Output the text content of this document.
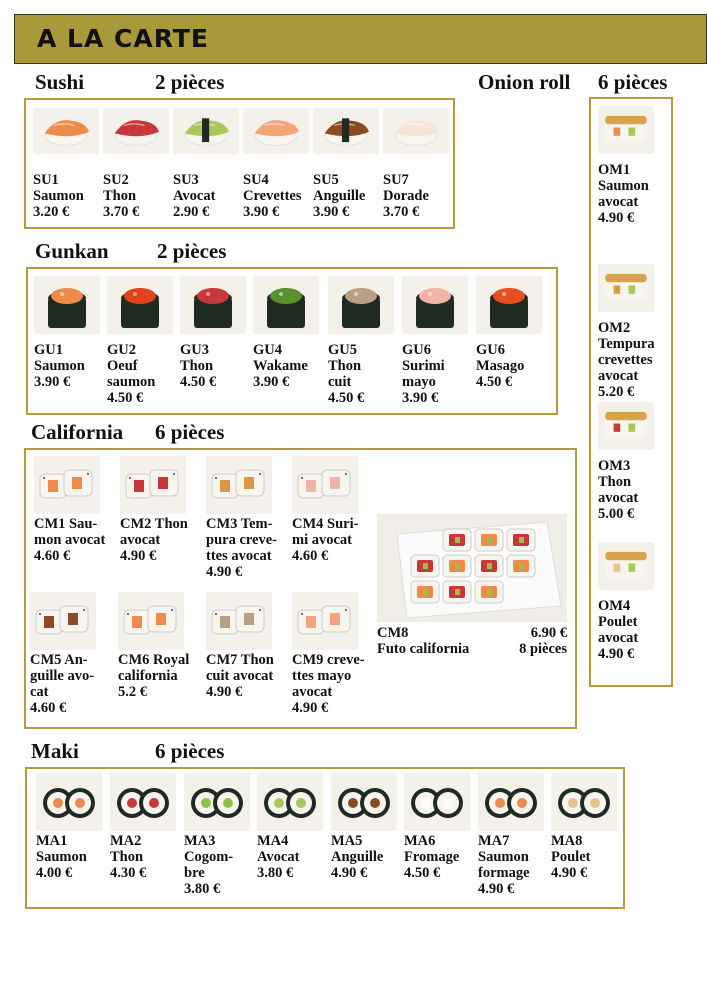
A LA CARTE
Sushi	2 pièces	Onion roll 6 pièces
Gunkan 2 pièces
California 6 pièces
Maki	6 pièces
SU1
Saumon
3.20 €
SU2
Thon
3.70 €
SU3
Avocat
2.90 €
SU4
Crevettes
3.90 €
SU5
Anguille
3.90 €
SU7
Dorade
3.70 €
GU1
Saumon
3.90 €
GU2
Oeuf
saumon
4.50 €
GU3
Thon
4.50 €
GU4
Wakame
3.90 €
GU5
Thon
cuit
4.50 €
GU6
Surimi
mayo
3.90 €
GU6
Masago
4.50 €
MA1
Saumon
4.00 €
MA2
Thon
4.30 €
MA3
Cogom-
bre
3.80 €
MA4
Avocat
3.80 €
MA5
Anguille
4.90 €
MA6
Fromage
4.50 €
MA7
Saumon
formage
4.90 €
MA8
Poulet
4.90 €
CM1 Sau-
mon avocat
4.60 €
CM2 Thon
avocat
4.90 €
CM3 Tem-
pura creve-
ttes avocat
4.90 €
CM4 Suri-
mi avocat
4.60 €
CM5 An-
guille avo-
cat
4.60 €
CM6 Royal
california
5.2 €
CM7 Thon
cuit avocat
4.90 €
CM9 creve-
ttes mayo
avocat
4.90 €
OM1
Saumon
avocat
4.90 €
OM2
Tempura
crevettes
avocat
5.20 €
OM3
Thon
avocat
5.00 €
OM4
Poulet
avocat
4.90 €
CM8
Futo california
6.90 €
8 pièces
